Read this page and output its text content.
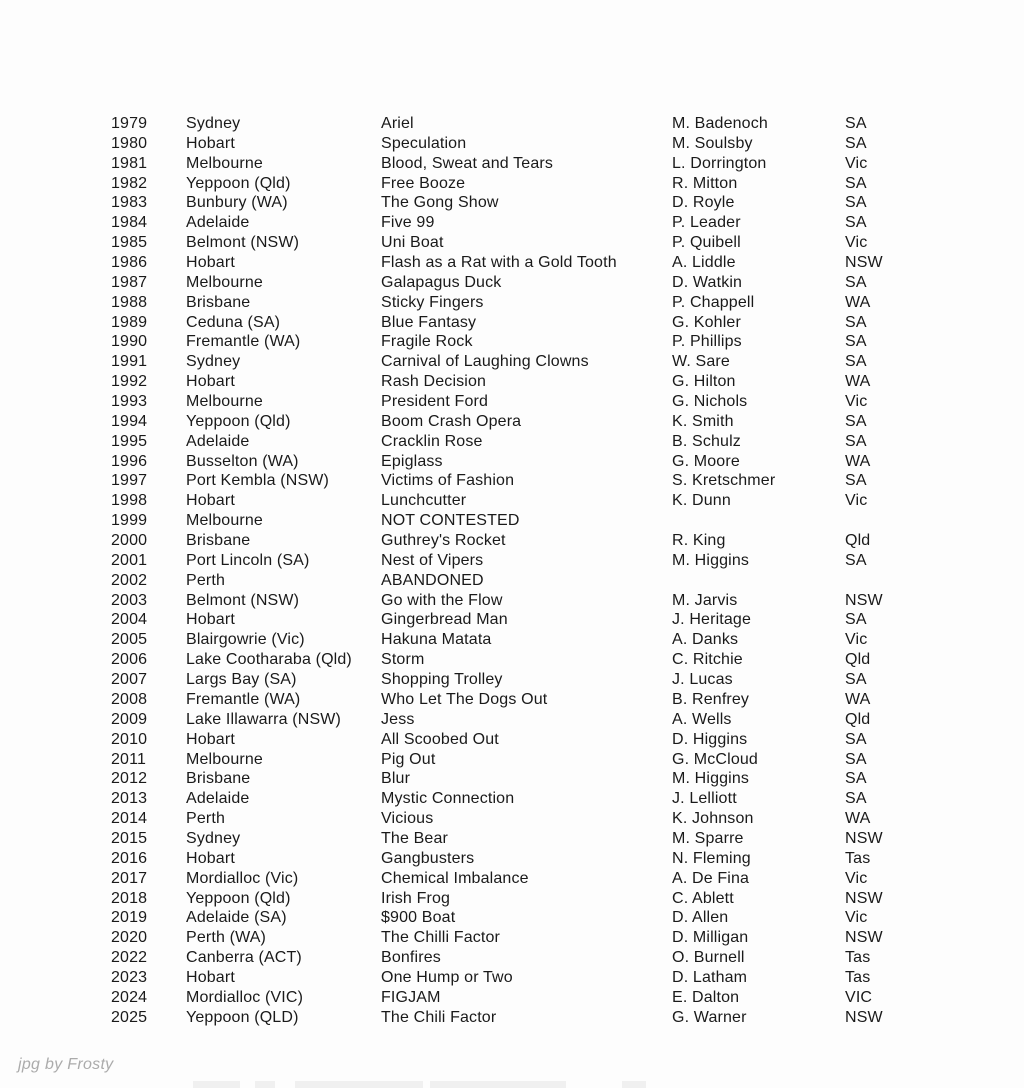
1979	Sydney	Ariel	M. Badenoch	SA
1980	Hobart	Speculation	M. Soulsby	SA
1981	Melbourne	Blood, Sweat and Tears	L. Dorrington	Vic
1982	Yeppoon (Qld)	Free Booze	R. Mitton	SA
1983	Bunbury (WA)	The Gong Show	D. Royle	SA
1984	Adelaide	Five 99	P. Leader	SA
1985	Belmont (NSW)	Uni Boat	P. Quibell	Vic
1986	Hobart	Flash as a Rat with a Gold Tooth	A. Liddle	NSW
1987	Melbourne	Galapagus Duck	D. Watkin	SA
1988	Brisbane	Sticky Fingers	P. Chappell	WA
1989	Ceduna (SA)	Blue Fantasy	G. Kohler	SA
1990	Fremantle (WA)	Fragile Rock	P. Phillips	SA
1991	Sydney	Carnival of Laughing Clowns	W. Sare	SA
1992	Hobart	Rash Decision	G. Hilton	WA
1993	Melbourne	President Ford	G. Nichols	Vic
1994	Yeppoon (Qld)	Boom Crash Opera	K. Smith	SA
1995	Adelaide	Cracklin Rose	B. Schulz	SA
1996	Busselton (WA)	Epiglass	G. Moore	WA
1997	Port Kembla (NSW)	Victims of Fashion	S. Kretschmer	SA
1998	Hobart	Lunchcutter	K. Dunn	Vic
1999	Melbourne	NOT CONTESTED
2000	Brisbane	Guthrey's Rocket	R. King	Qld
2001	Port Lincoln (SA)	Nest of Vipers	M. Higgins	SA
2002	Perth	ABANDONED
2003	Belmont (NSW)	Go with the Flow	M. Jarvis	NSW
2004	Hobart	Gingerbread Man	J. Heritage	SA
2005	Blairgowrie (Vic)	Hakuna Matata	A. Danks	Vic
2006	Lake Cootharaba (Qld)	Storm	C. Ritchie	Qld
2007	Largs Bay (SA)	Shopping Trolley	J. Lucas	SA
2008	Fremantle (WA)	Who Let The Dogs Out	B. Renfrey	WA
2009	Lake Illawarra (NSW)	Jess	A. Wells	Qld
2010	Hobart	All Scoobed Out	D. Higgins	SA
2011	Melbourne	Pig Out	G. McCloud	SA
2012	Brisbane	Blur	M. Higgins	SA
2013	Adelaide	Mystic Connection	J. Lelliott	SA
2014	Perth	Vicious	K. Johnson	WA
2015	Sydney	The Bear	M. Sparre	NSW
2016	Hobart	Gangbusters	N. Fleming	Tas
2017	Mordialloc (Vic)	Chemical Imbalance	A. De Fina	Vic
2018	Yeppoon (Qld)	Irish Frog	C. Ablett	NSW
2019	Adelaide (SA)	$900 Boat	D. Allen	Vic
2020	Perth (WA)	The Chilli Factor	D. Milligan	NSW
2022	Canberra (ACT)	Bonfires	O. Burnell	Tas
2023	Hobart	One Hump or Two	D. Latham	Tas
2024	Mordialloc (VIC)	FIGJAM	E. Dalton	VIC
2025	Yeppoon (QLD)	The Chili Factor	G. Warner	NSW
jpg by Frosty
